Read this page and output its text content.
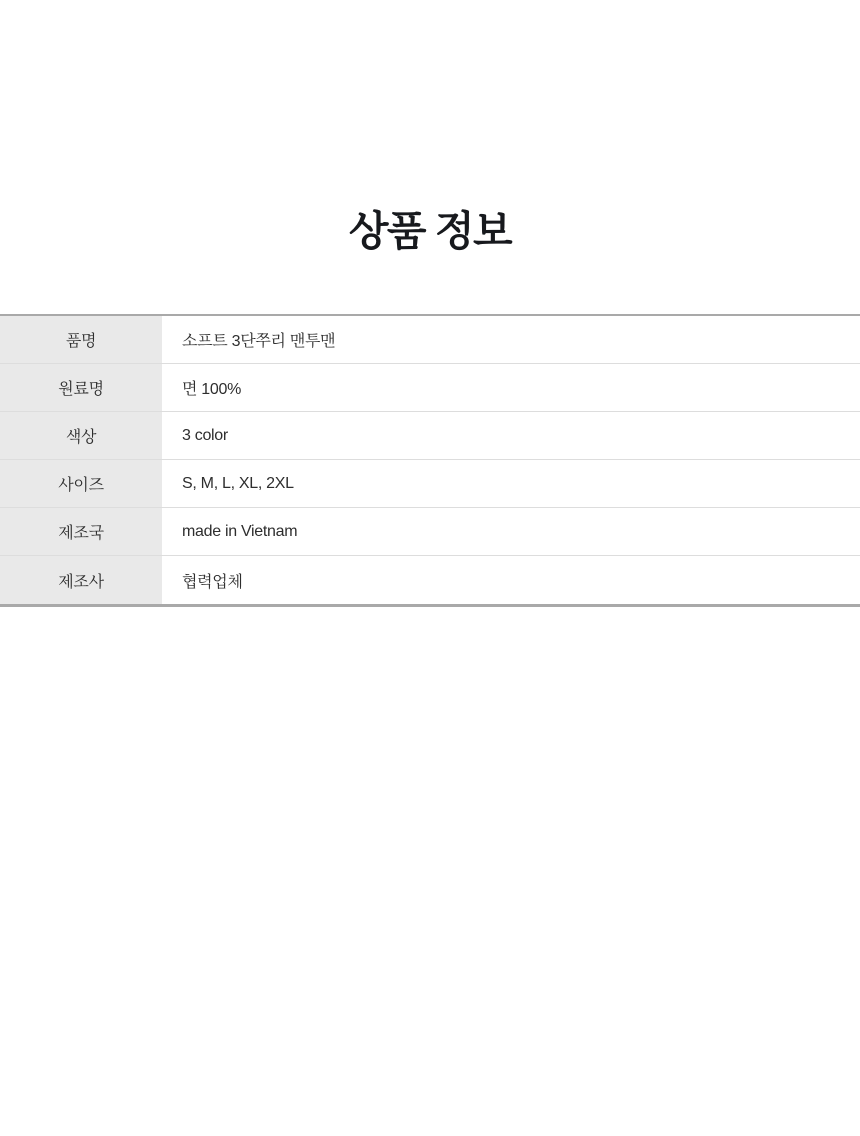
상품 정보
품명	소프트 3단쭈리 맨투맨
원료명	면 100%
색상	3 color
사이즈	S, M, L, XL, 2XL
제조국	made in Vietnam
제조사	협력업체
